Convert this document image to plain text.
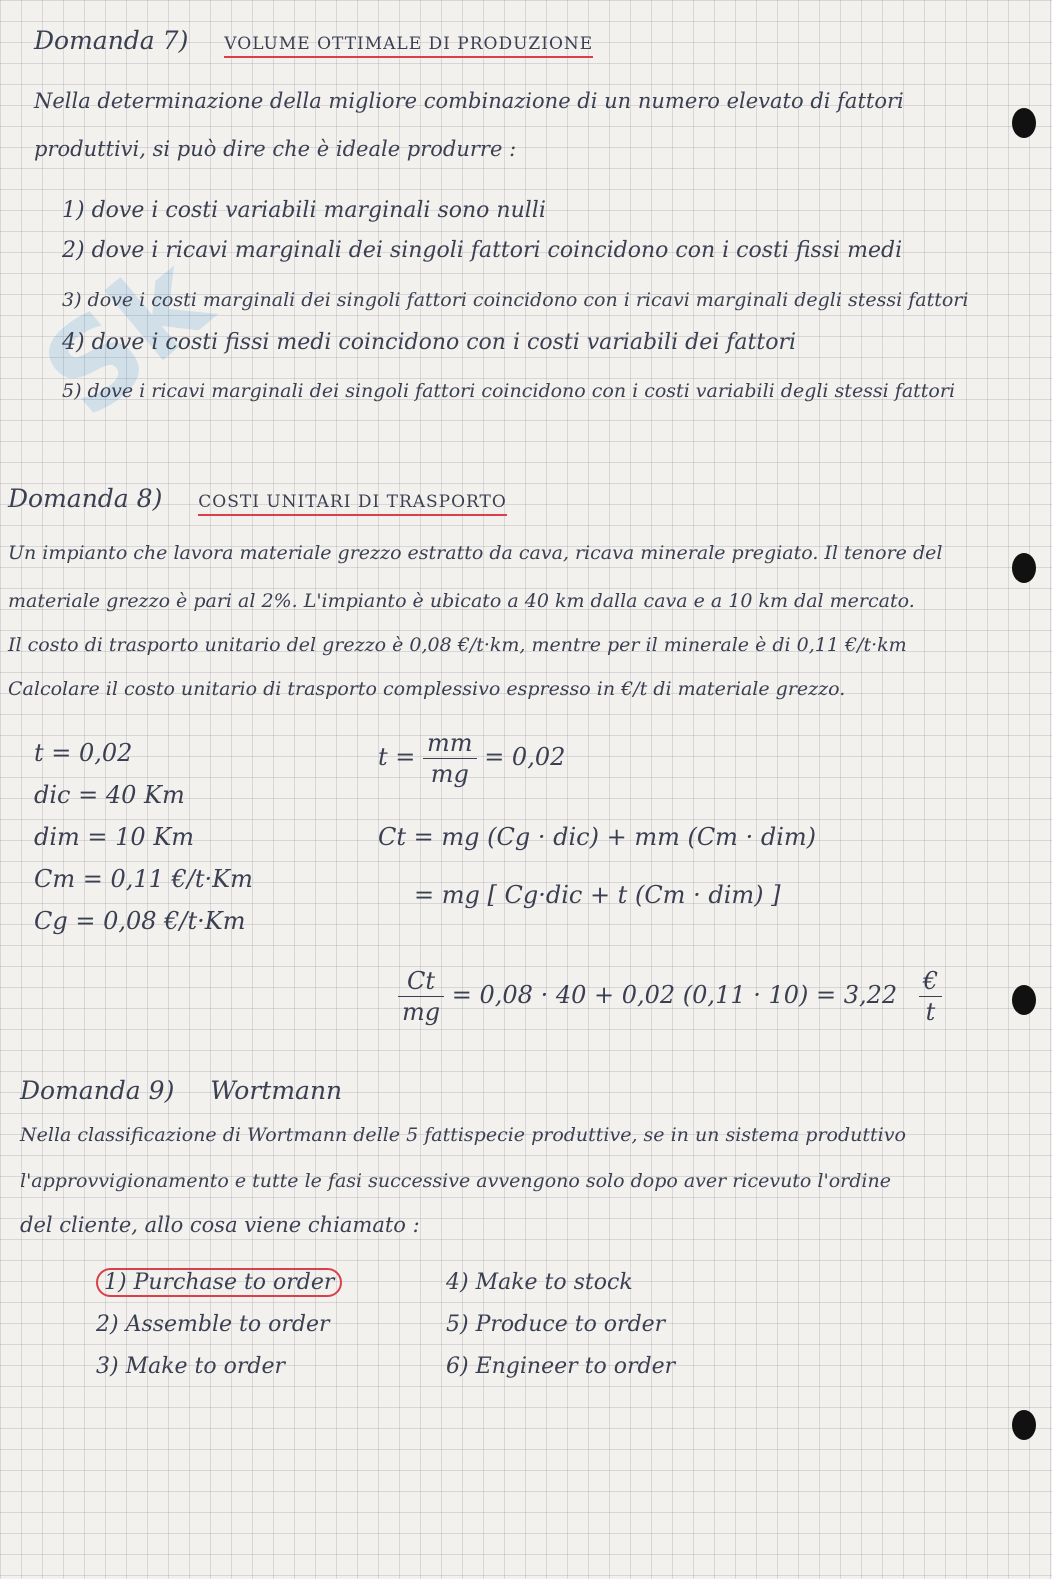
Sk
Domanda 7) VOLUME OTTIMALE DI PRODUZIONE
Nella determinazione della migliore combinazione di un numero elevato di fattori
produttivi, si può dire che è ideale produrre :
1) dove i costi variabili marginali sono nulli
2) dove i ricavi marginali dei singoli fattori coincidono con i costi fissi medi
3) dove i costi marginali dei singoli fattori coincidono con i ricavi marginali degli stessi fattori
4) dove i costi fissi medi coincidono con i costi variabili dei fattori
5) dove i ricavi marginali dei singoli fattori coincidono con i costi variabili degli stessi fattori
Domanda 8) COSTI UNITARI DI TRASPORTO
Un impianto che lavora materiale grezzo estratto da cava, ricava minerale pregiato. Il tenore del
materiale grezzo è pari al 2%. L'impianto è ubicato a 40 km dalla cava e a 10 km dal mercato.
Il costo di trasporto unitario del grezzo è 0,08 €/t·km, mentre per il minerale è di 0,11 €/t·km
Calcolare il costo unitario di trasporto complessivo espresso in €/t di materiale grezzo.
t = 0,02
dic = 40 Km
dim = 10 Km
Cm = 0,11 €/t·Km
Cg = 0,08 €/t·Km
$t = \frac{mm}{mg} = 0,02$
Ct = mg (Cg · dic) + mm (Cm · dim)
= mg [ Cg·dic + t (Cm · dim) ]
$\frac{Ct}{mg} = 0,08 \cdot 40 + 0,02$ $(0,11 \cdot 10) = 3,22 \frac{€}{t}$
Domanda 9) Wortmann
Nella classificazione di Wortmann delle 5 fattispecie produttive, se in un sistema produttivo
l'approvvigionamento e tutte le fasi successive avvengono solo dopo aver ricevuto l'ordine
del cliente, allo cosa viene chiamato :
1) Purchase to order
2) Assemble to order
3) Make to order
4) Make to stock
5) Produce to order
6) Engineer to order
